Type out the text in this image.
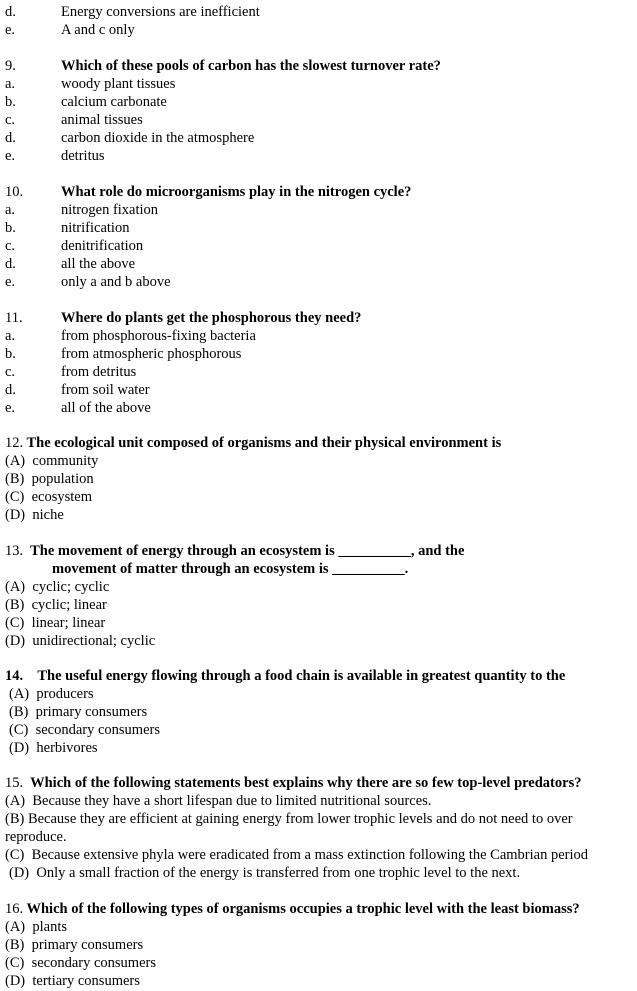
d.	Energy conversions are inefficient
e.	A and c only
9.	Which of these pools of carbon has the slowest turnover rate?
a.	woody plant tissues
b.	calcium carbonate
c.	animal tissues
d.	carbon dioxide in the atmosphere
e.	detritus
10.	What role do microorganisms play in the nitrogen cycle?
a.	nitrogen fixation
b.	nitrification
c.	denitrification
d.	all the above
e.	only a and b above
11.	Where do plants get the phosphorous they need?
a.	from phosphorous-fixing bacteria
b.	from atmospheric phosphorous
c.	from detritus
d.	from soil water
e.	all of the above
12. The ecological unit composed of organisms and their physical environment is
(A)  community
(B)  population
(C)  ecosystem
(D)  niche
13.  The movement of energy through an ecosystem is __________, and the
movement of matter through an ecosystem is __________.
(A)  cyclic; cyclic
(B)  cyclic; linear
(C)  linear; linear
(D)  unidirectional; cyclic
14.    The useful energy flowing through a food chain is available in greatest quantity to the
(A)  producers
(B)  primary consumers
(C)  secondary consumers
(D)  herbivores
15.  Which of the following statements best explains why there are so few top-level predators?
(A)  Because they have a short lifespan due to limited nutritional sources.
(B) Because they are efficient at gaining energy from lower trophic levels and do not need to over reproduce.
(C)  Because extensive phyla were eradicated from a mass extinction following the Cambrian period
(D)  Only a small fraction of the energy is transferred from one trophic level to the next.
16. Which of the following types of organisms occupies a trophic level with the least biomass?
(A)  plants
(B)  primary consumers
(C)  secondary consumers
(D)  tertiary consumers
